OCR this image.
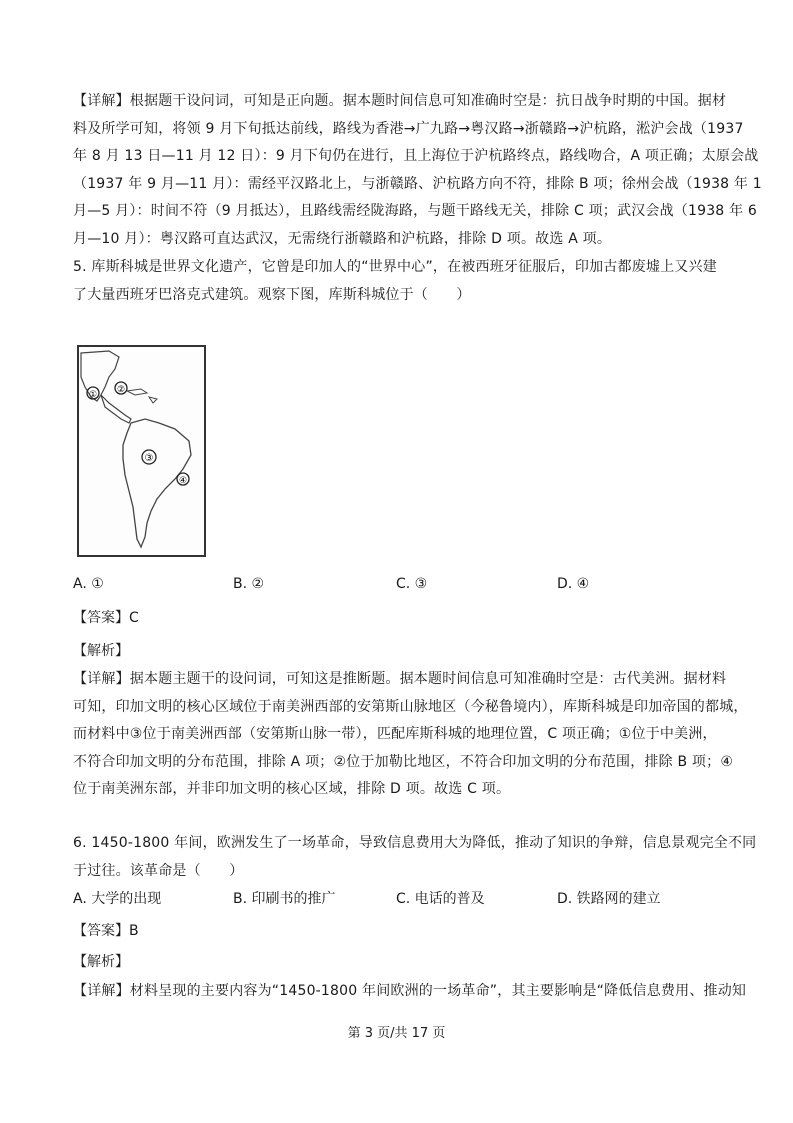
【详解】根据题干设问词，可知是正向题。据本题时间信息可知准确时空是：抗日战争时期的中国。据材
料及所学可知，将领 9 月下旬抵达前线，路线为香港→广九路→粤汉路→浙赣路→沪杭路，淞沪会战（1937
年 8 月 13 日—11 月 12 日）：9 月下旬仍在进行，且上海位于沪杭路终点，路线吻合，A 项正确；太原会战
（1937 年 9 月—11 月）：需经平汉路北上，与浙赣路、沪杭路方向不符，排除 B 项；徐州会战（1938 年 1
月—5 月）：时间不符（9 月抵达），且路线需经陇海路，与题干路线无关，排除 C 项；武汉会战（1938 年 6
月—10 月）：粤汉路可直达武汉，无需绕行浙赣路和沪杭路，排除 D 项。故选 A 项。
5. 库斯科城是世界文化遗产，它曾是印加人的“世界中心”，在被西班牙征服后，印加古都废墟上又兴建
了大量西班牙巴洛克式建筑。观察下图，库斯科城位于（　　）
① ②
③
④
A. ①	B. ②	C. ③	D. ④
【答案】C
【解析】
【详解】据本题主题干的设问词，可知这是推断题。据本题时间信息可知准确时空是：古代美洲。据材料
可知，印加文明的核心区域位于南美洲西部的安第斯山脉地区（今秘鲁境内），库斯科城是印加帝国的都城，
而材料中③位于南美洲西部（安第斯山脉一带），匹配库斯科城的地理位置，C 项正确；①位于中美洲，
不符合印加文明的分布范围，排除 A 项；②位于加勒比地区，不符合印加文明的分布范围，排除 B 项；④
位于南美洲东部，并非印加文明的核心区域，排除 D 项。故选 C 项。
6. 1450-1800 年间，欧洲发生了一场革命，导致信息费用大为降低，推动了知识的争辩，信息景观完全不同
于过往。该革命是（　　）
A. 大学的出现	B. 印刷书的推广	C. 电话的普及	D. 铁路网的建立
【答案】B
【解析】
【详解】材料呈现的主要内容为“1450-1800 年间欧洲的一场革命”，其主要影响是“降低信息费用、推动知
第 3 页/共 17 页
